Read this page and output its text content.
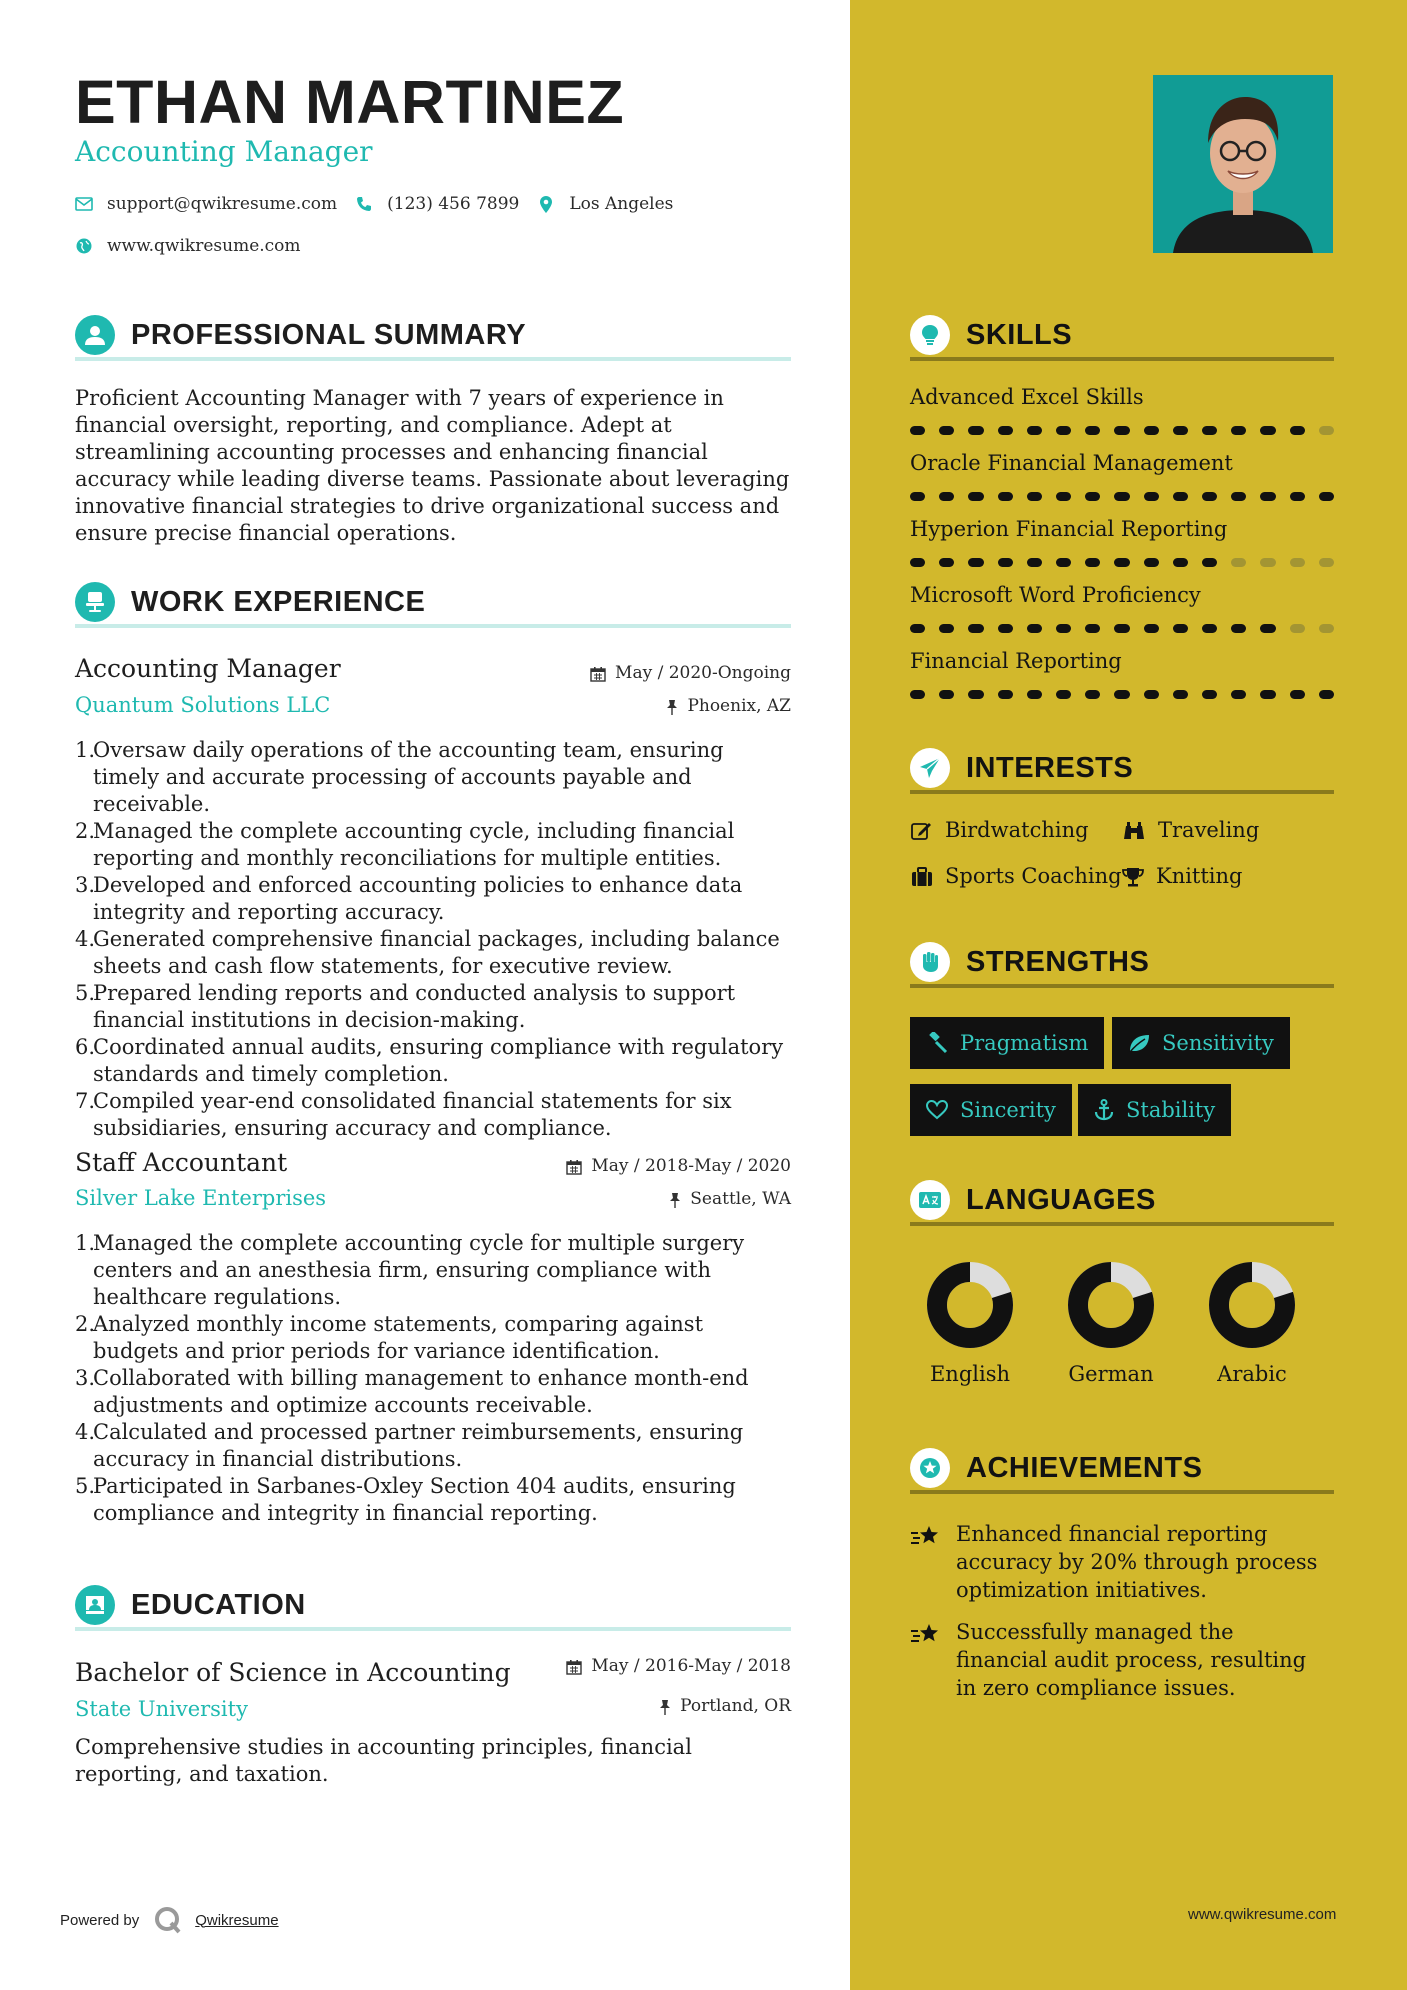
ETHAN MARTINEZ
Accounting Manager
support@qwikresume.com	(123) 456 7899	Los Angeles
www.qwikresume.com
PROFESSIONAL SUMMARY
Proficient Accounting Manager with 7 years of experience in financial oversight, reporting, and compliance. Adept at streamlining accounting processes and enhancing financial accuracy while leading diverse teams. Passionate about leveraging innovative financial strategies to drive organizational success and ensure precise financial operations.
WORK EXPERIENCE
Accounting Manager
Quantum Solutions LLC
May / 2020-Ongoing
Phoenix, AZ
1.
Oversaw daily operations of the accounting team, ensuring timely and accurate processing of accounts payable and receivable.
2.
Managed the complete accounting cycle, including financial reporting and monthly reconciliations for multiple entities.
3.
Developed and enforced accounting policies to enhance data integrity and reporting accuracy.
4.
Generated comprehensive financial packages, including balance sheets and cash flow statements, for executive review.
5.
Prepared lending reports and conducted analysis to support financial institutions in decision-making.
6.
Coordinated annual audits, ensuring compliance with regulatory standards and timely completion.
7.
Compiled year-end consolidated financial statements for six subsidiaries, ensuring accuracy and compliance.
Staff Accountant
Silver Lake Enterprises
May / 2018-May / 2020
Seattle, WA
1.
Managed the complete accounting cycle for multiple surgery centers and an anesthesia firm, ensuring compliance with healthcare regulations.
2.
Analyzed monthly income statements, comparing against budgets and prior periods for variance identification.
3.
Collaborated with billing management to enhance month-end adjustments and optimize accounts receivable.
4.
Calculated and processed partner reimbursements, ensuring accuracy in financial distributions.
5.
Participated in Sarbanes-Oxley Section 404 audits, ensuring compliance and integrity in financial reporting.
EDUCATION
Bachelor of Science in Accounting
State University
May / 2016-May / 2018
Portland, OR
Comprehensive studies in accounting principles, financial reporting, and taxation.
Powered by	Qwikresume
SKILLS
Advanced Excel Skills
Oracle Financial Management
Hyperion Financial Reporting
Microsoft Word Proficiency
Financial Reporting
INTERESTS
Birdwatching	Traveling
Sports Coaching Knitting
STRENGTHS
Pragmatism	Sensitivity
Sincerity	Stability
LANGUAGES
English	German	Arabic
ACHIEVEMENTS
Enhanced financial reporting accuracy by 20% through process optimization initiatives.
Successfully managed the financial audit process, resulting in zero compliance issues.
www.qwikresume.com
